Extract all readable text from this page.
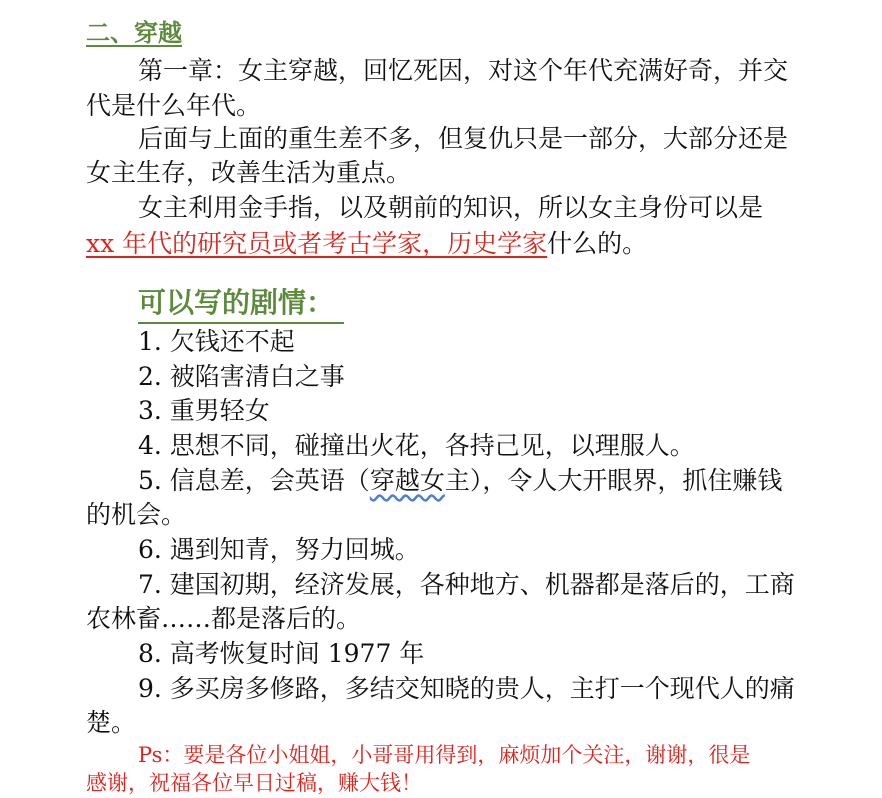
二、穿越
第一章：女主穿越，回忆死因，对这个年代充满好奇，并交
代是什么年代。
后面与上面的重生差不多，但复仇只是一部分，大部分还是
女主生存，改善生活为重点。
女主利用金手指，以及朝前的知识，所以女主身份可以是
xx 年代的研究员或者考古学家，历史学家什么的。
可以写的剧情：
1. 欠钱还不起
2. 被陷害清白之事
3. 重男轻女
4. 思想不同，碰撞出火花，各持己见，以理服人。
5. 信息差，会英语（穿越女主），令人大开眼界，抓住赚钱
的机会。
6. 遇到知青，努力回城。
7. 建国初期，经济发展，各种地方、机器都是落后的，工商
农林畜……都是落后的。
8. 高考恢复时间 1977 年
9. 多买房多修路，多结交知晓的贵人，主打一个现代人的痛
楚。
Ps：要是各位小姐姐，小哥哥用得到，麻烦加个关注，谢谢，很是
感谢，祝福各位早日过稿，赚大钱！
